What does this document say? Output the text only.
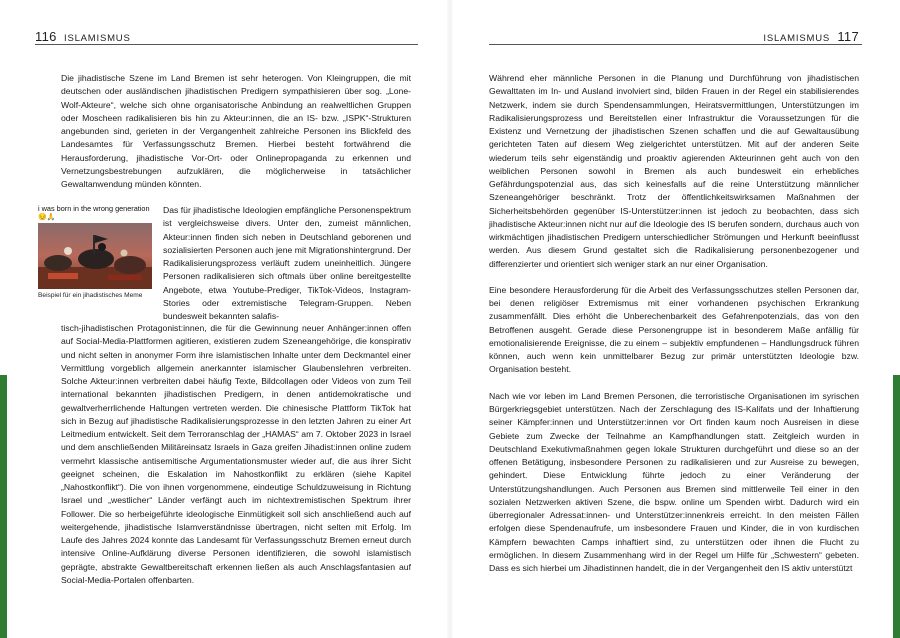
116 ISLAMISMUS

Die jihadistische Szene im Land Bremen ist sehr heterogen. Von Kleingruppen, die mit deutschen oder ausländischen jihadistischen Predigern sympathisieren über sog. „Lone-Wolf-Akteure“, welche sich ohne organisatorische Anbindung an realweltlichen Gruppen oder Moscheen radikalisieren bis hin zu Akteur:innen, die an IS- bzw. „ISPK“-Strukturen angebunden sind, gerieten in der Vergangenheit zahlreiche Personen ins Blickfeld des Landesamtes für Verfassungsschutz Bremen. Hierbei besteht fortwährend die Herausforderung, jihadistische Vor-Ort- oder Onlinepropaganda zu erkennen und Vernetzungsbestrebungen aufzuklären, die möglicherweise in tatsächlicher Gewaltanwendung münden könnten.

i was born in the wrong generation
😔🙏
Beispiel für ein jihadistisches Meme

Das für jihadistische Ideologien empfängliche Personenspektrum ist vergleichsweise divers. Unter den, zumeist männlichen, Akteur:innen finden sich neben in Deutschland geborenen und sozialisierten Personen auch jene mit Migrationshintergrund. Der Radikalisierungsprozess verläuft zudem uneinheitlich. Jüngere Personen radikalisieren sich oftmals über online bereitgestellte Angebote, etwa Youtube-Prediger, TikTok-Videos, Instagram-Stories oder extremistische Telegram-Gruppen. Neben bundesweit bekannten salafis-

tisch-jihadistischen Protagonist:innen, die für die Gewinnung neuer Anhänger:innen offen auf Social-Media-Plattformen agitieren, existieren zudem Szeneangehörige, die konspirativ und nicht selten in anonymer Form ihre islamistischen Inhalte unter dem Deckmantel einer Vermittlung vorgeblich allgemein anerkannter islamischer Glaubenslehren verbreiten. Solche Akteur:innen verbreiten dabei häufig Texte, Bildcollagen oder Videos von zum Teil international bekannten jihadistischen Predigern, in denen antidemokratische und gewaltverherrlichende Haltungen vertreten werden. Die chinesische Plattform TikTok hat sich in Bezug auf jihadistische Radikalisierungsprozesse in den letzten Jahren zu einer Art Leitmedium entwickelt. Seit dem Terroranschlag der „HAMAS“ am 7. Oktober 2023 in Israel und dem anschließenden Militäreinsatz Israels in Gaza greifen Jihadist:innen online zudem vermehrt klassische antisemitische Argumentationsmuster wieder auf, die aus ihrer Sicht geeignet scheinen, die Eskalation im Nahostkonflikt zu erklären (siehe Kapitel „Nahostkonflikt“). Die von ihnen vorgenommene, eindeutige Schuldzuweisung in Richtung Israel und „westlicher“ Länder verfängt auch im nichtextremistischen Spektrum ihrer Follower. Die so herbeigeführte ideologische Einmütigkeit soll sich anschließend auch auf weitergehende, jihadistische Islamverständnisse übertragen, nicht selten mit Erfolg. Im Laufe des Jahres 2024 konnte das Landesamt für Verfassungsschutz Bremen erneut durch intensive Online-Aufklärung diverse Personen identifizieren, die sowohl islamistisch geprägte, abstrakte Gewaltbereitschaft erkennen ließen als auch Anschlagsfantasien auf Social-Media-Portalen offenbarten.

ISLAMISMUS 117

Während eher männliche Personen in die Planung und Durchführung von jihadistischen Gewalttaten im In- und Ausland involviert sind, bilden Frauen in der Regel ein stabilisierendes Netzwerk, indem sie durch Spendensammlungen, Heiratsvermittlungen, Unterstützungen im Radikalisierungsprozess und Bereitstellen einer Infrastruktur die Voraussetzungen für die Existenz und Vernetzung der jihadistischen Szenen schaffen und die auf Gewaltausübung gerichteten Taten auf diesem Weg zielgerichtet unterstützen. Mit auf der anderen Seite wiederum teils sehr eigenständig und proaktiv agierenden Akteurinnen geht auch von den weiblichen Personen sowohl in Bremen als auch bundesweit ein erhebliches Gefährdungspotenzial aus, das sich keinesfalls auf die reine Unterstützung männlicher Szeneangehöriger beschränkt. Trotz der öffentlichkeitswirksamen Maßnahmen der Sicherheitsbehörden gegenüber IS-Unterstützer:innen ist jedoch zu beobachten, dass sich jihadistische Akteur:innen nicht nur auf die Ideologie des IS berufen sondern, durchaus auch von wirkmächtigen jihadistischen Predigern unterschiedlicher Strömungen und Herkunft beeinflusst werden. Aus diesem Grund gestaltet sich die Radikalisierung personenbezogener und differenzierter und orientiert sich weniger stark an nur einer Organisation.

Eine besondere Herausforderung für die Arbeit des Verfassungsschutzes stellen Personen dar, bei denen religiöser Extremismus mit einer vorhandenen psychischen Erkrankung zusammenfällt. Dies erhöht die Unberechenbarkeit des Gefahrenpotenzials, das von den Betroffenen ausgeht. Gerade diese Personengruppe ist in besonderem Maße anfällig für emotionalisierende Ereignisse, die zu einem – subjektiv empfundenen – Handlungsdruck führen können, auch wenn kein unmittelbarer Bezug zur primär unterstützten Ideologie bzw. Organisation besteht.

Nach wie vor leben im Land Bremen Personen, die terroristische Organisationen im syrischen Bürgerkriegsgebiet unterstützen. Nach der Zerschlagung des IS-Kalifats und der Inhaftierung seiner Kämpfer:innen und Unterstützer:innen vor Ort finden kaum noch Ausreisen in diese Gebiete zum Zwecke der Teilnahme an Kampfhandlungen statt. Zeitgleich wurden in Deutschland Exekutivmaßnahmen gegen lokale Strukturen durchgeführt und diese so an der offenen Betätigung, insbesondere Personen zu radikalisieren und zur Ausreise zu bewegen, gehindert. Diese Entwicklung führte jedoch zu einer Veränderung der Unterstützungshandlungen. Auch Personen aus Bremen sind mittlerweile Teil einer in den sozialen Netzwerken aktiven Szene, die bspw. online um Spenden wirbt. Dadurch wird ein überregionaler Adressat:innen- und Unterstützer:innenkreis erreicht. In den meisten Fällen erfolgen diese Spendenaufrufe, um insbesondere Frauen und Kinder, die in von kurdischen Kämpfern bewachten Camps inhaftiert sind, zu unterstützen oder ihnen die Flucht zu ermöglichen. In diesem Zusammenhang wird in der Regel um Hilfe für „Schwestern“ gebeten. Dass es sich hierbei um Jihadistinnen handelt, die in der Vergangenheit den IS aktiv unterstützt
